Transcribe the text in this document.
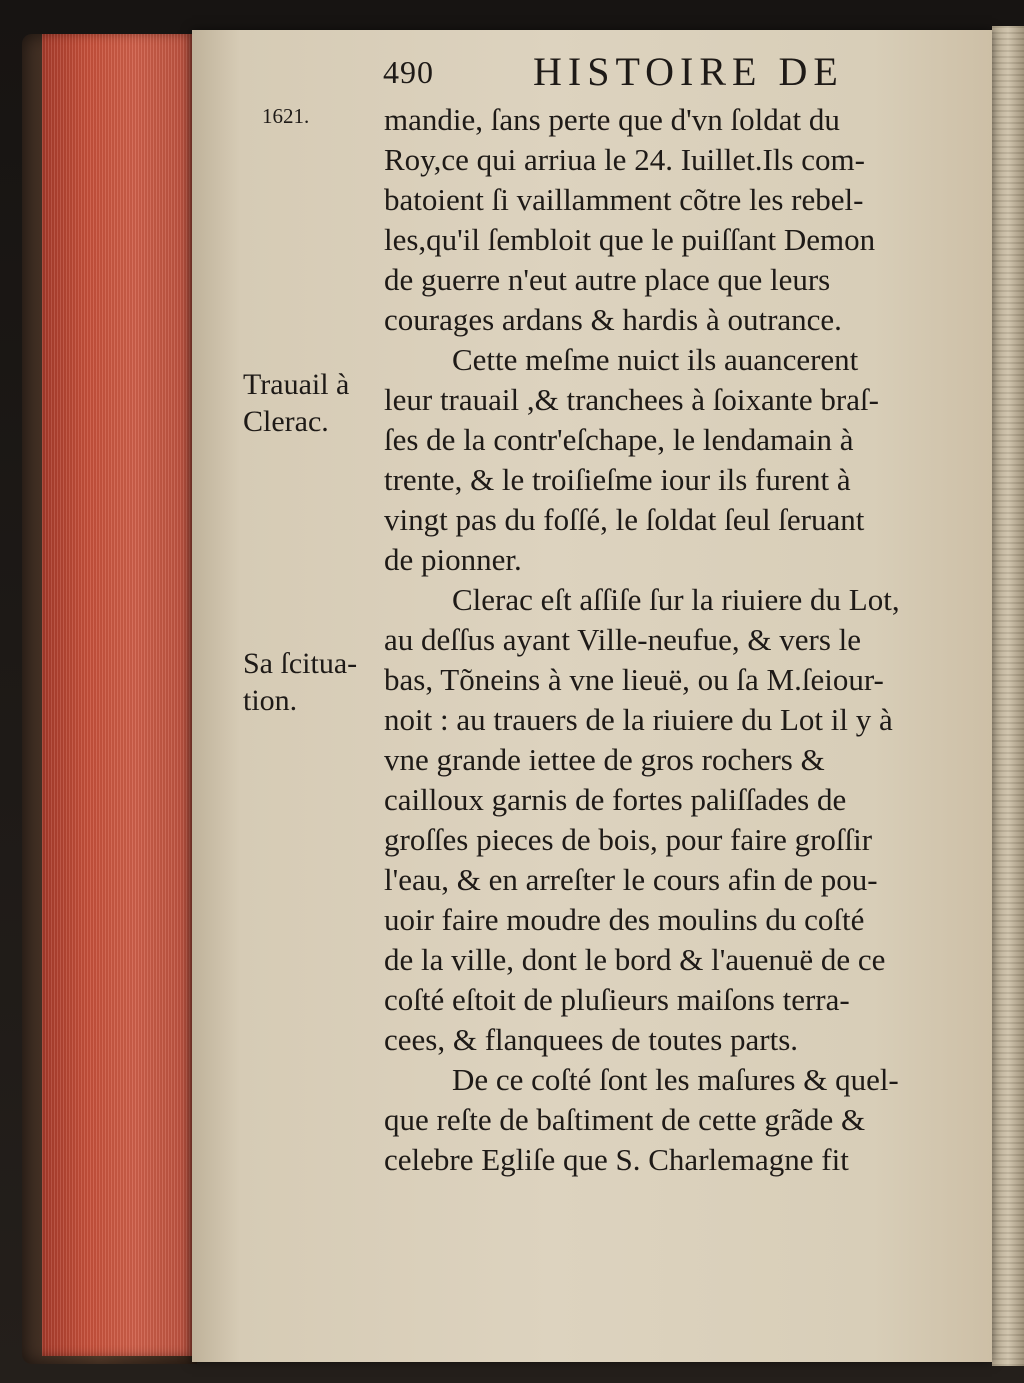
490 HISTOIRE DE
1621.
Trauail à
Clerac.
Sa ſcitua-
tion.
mandie, ſans perte que d'vn ſoldat du
Roy,ce qui arriua le 24. Iuillet.Ils com-
batoient ſi vaillamment cõtre les rebel-
les,qu'il ſembloit que le puiſſant Demon
de guerre n'eut autre place que leurs
courages ardans & hardis à outrance.
Cette meſme nuict ils auancerent
leur trauail ,& tranchees à ſoixante braſ-
ſes de la contr'eſchape, le lendamain à
trente, & le troiſieſme iour ils furent à
vingt pas du foſſé, le ſoldat ſeul ſeruant
de pionner.
Clerac eſt aſſiſe ſur la riuiere du Lot,
au deſſus ayant Ville-neufue, & vers le
bas, Tõneins à vne lieuë, ou ſa M.ſeiour-
noit : au trauers de la riuiere du Lot il y à
vne grande iettee de gros rochers &
cailloux garnis de fortes paliſſades de
groſſes pieces de bois, pour faire groſſir
l'eau, & en arreſter le cours afin de pou-
uoir faire moudre des moulins du coſté
de la ville, dont le bord & l'auenuë de ce
coſté eſtoit de pluſieurs maiſons terra-
cees, & flanquees de toutes parts.
De ce coſté ſont les maſures & quel-
que reſte de baſtiment de cette grãde &
celebre Egliſe que S. Charlemagne fit
